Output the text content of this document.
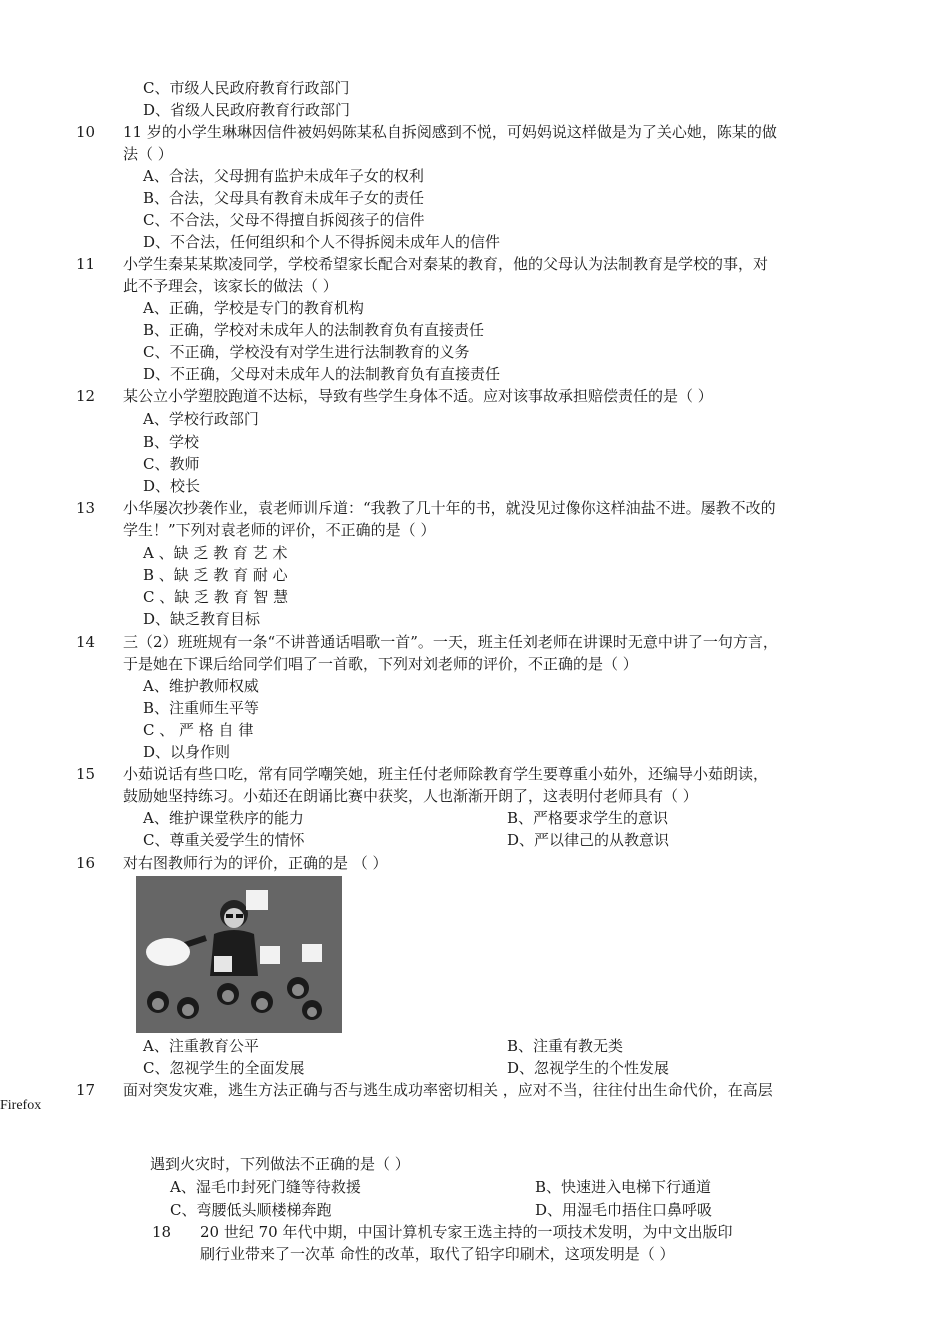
C、市级人民政府教育行政部门
D、省级人民政府教育行政部门
10	11 岁的小学生琳琳因信件被妈妈陈某私自拆阅感到不悦，可妈妈说这样做是为了关心她，陈某的做
法（ ）
A、合法，父母拥有监护未成年子女的权利
B、合法，父母具有教育未成年子女的责任
C、不合法，父母不得擅自拆阅孩子的信件
D、不合法，任何组织和个人不得拆阅未成年人的信件
11	小学生秦某某欺凌同学，学校希望家长配合对秦某的教育，他的父母认为法制教育是学校的事，对
此不予理会，该家长的做法（ ）
A、正确，学校是专门的教育机构
B、正确，学校对未成年人的法制教育负有直接责任
C、不正确，学校没有对学生进行法制教育的义务
D、不正确，父母对未成年人的法制教育负有直接责任
12	某公立小学塑胶跑道不达标，导致有些学生身体不适。应对该事故承担赔偿责任的是（ ）
A、学校行政部门
B、学校
C、教师
D、校长
13	小华屡次抄袭作业，袁老师训斥道：“我教了几十年的书，就没见过像你这样油盐不进。屡教不改的
学生！”下列对袁老师的评价，不正确的是（ ）
A 、缺 乏 教 育 艺 术
B 、缺 乏 教 育 耐 心
C 、缺 乏 教 育 智 慧
D、缺乏教育目标
14	三（2）班班规有一条“不讲普通话唱歌一首”。一天，班主任刘老师在讲课时无意中讲了一句方言，
于是她在下课后给同学们唱了一首歌，下列对刘老师的评价，不正确的是（ ）
A、维护教师权威
B、注重师生平等
C 、 严 格 自 律
D、以身作则
15	小茹说话有些口吃，常有同学嘲笑她，班主任付老师除教育学生要尊重小茹外，还编导小茹朗读，
鼓励她坚持练习。小茹还在朗诵比赛中获奖，人也渐渐开朗了，这表明付老师具有（ ）
A、维护课堂秩序的能力	B、严格要求学生的意识
C、尊重关爱学生的情怀	D、严以律己的从教意识
16	对右图教师行为的评价，正确的是 （ ）
A、注重教育公平	B、注重有教无类
C、忽视学生的全面发展	D、忽视学生的个性发展
17	面对突发灾难，逃生方法正确与否与逃生成功率密切相关 ，应对不当，往往付出生命代价，在高层
Firefox
遇到火灾时，下列做法不正确的是（ ）
A、湿毛巾封死门缝等待救援	B、快速进入电梯下行通道
C、弯腰低头顺楼梯奔跑	D、用湿毛巾捂住口鼻呼吸
18 20 世纪 70 年代中期，中国计算机专家王选主持的一项技术发明，为中文出版印
刷行业带来了一次革 命性的改革，取代了铅字印刷术，这项发明是（ ）
